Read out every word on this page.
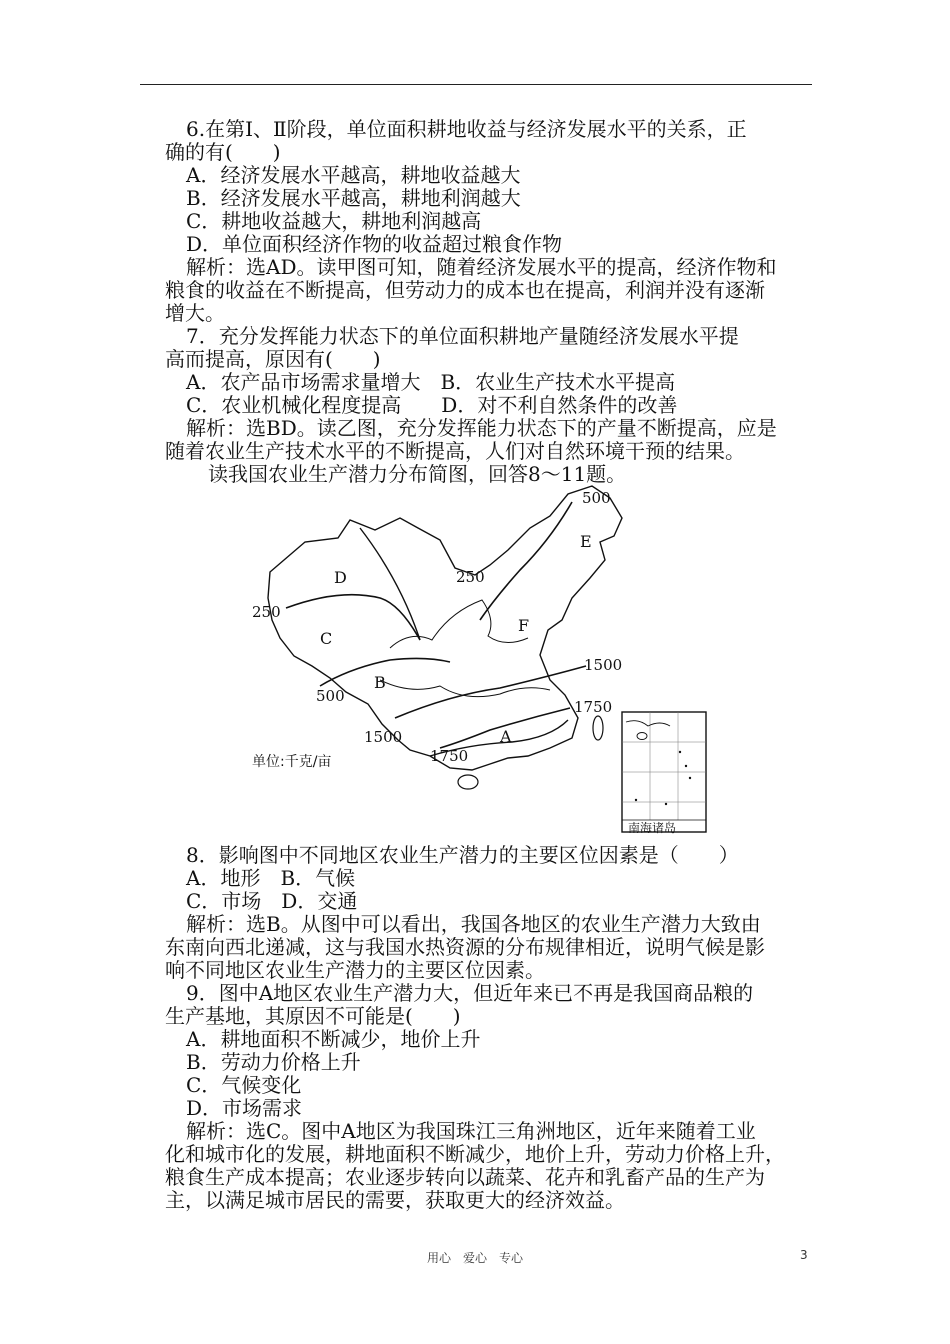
6.在第Ⅰ、Ⅱ阶段，单位面积耕地收益与经济发展水平的关系，正
确的有(　　)
A．经济发展水平越高，耕地收益越大
B．经济发展水平越高，耕地利润越大
C．耕地收益越大，耕地利润越高
D．单位面积经济作物的收益超过粮食作物
解析：选AD。读甲图可知，随着经济发展水平的提高，经济作物和
粮食的收益在不断提高，但劳动力的成本也在提高，利润并没有逐渐
增大。
7．充分发挥能力状态下的单位面积耕地产量随经济发展水平提
高而提高，原因有(　　)
A．农产品市场需求量增大　B．农业生产技术水平提高
C．农业机械化程度提高　　D．对不利自然条件的改善
解析：选BD。读乙图，充分发挥能力状态下的产量不断提高，应是
随着农业生产技术水平的不断提高，人们对自然环境干预的结果。
读我国农业生产潜力分布简图，回答8～11题。
8．影响图中不同地区农业生产潜力的主要区位因素是（　　）
A．地形　B．气候
C．市场　D．交通
解析：选B。从图中可以看出，我国各地区的农业生产潜力大致由
东南向西北递减，这与我国水热资源的分布规律相近，说明气候是影
响不同地区农业生产潜力的主要区位因素。
9．图中A地区农业生产潜力大，但近年来已不再是我国商品粮的
生产基地，其原因不可能是(　　)
A．耕地面积不断减少，地价上升
B．劳动力价格上升
C．气候变化
D．市场需求
解析：选C。图中A地区为我国珠江三角洲地区，近年来随着工业
化和城市化的发展，耕地面积不断减少，地价上升，劳动力价格上升，
粮食生产成本提高；农业逐步转向以蔬菜、花卉和乳畜产品的生产为
主，以满足城市居民的需要，获取更大的经济效益。
D
C
B
A
E
F
500
250
250
500
1500
1750
1500
1750
单位:千克/亩
南海诸岛
用心　爱心　专心	3
